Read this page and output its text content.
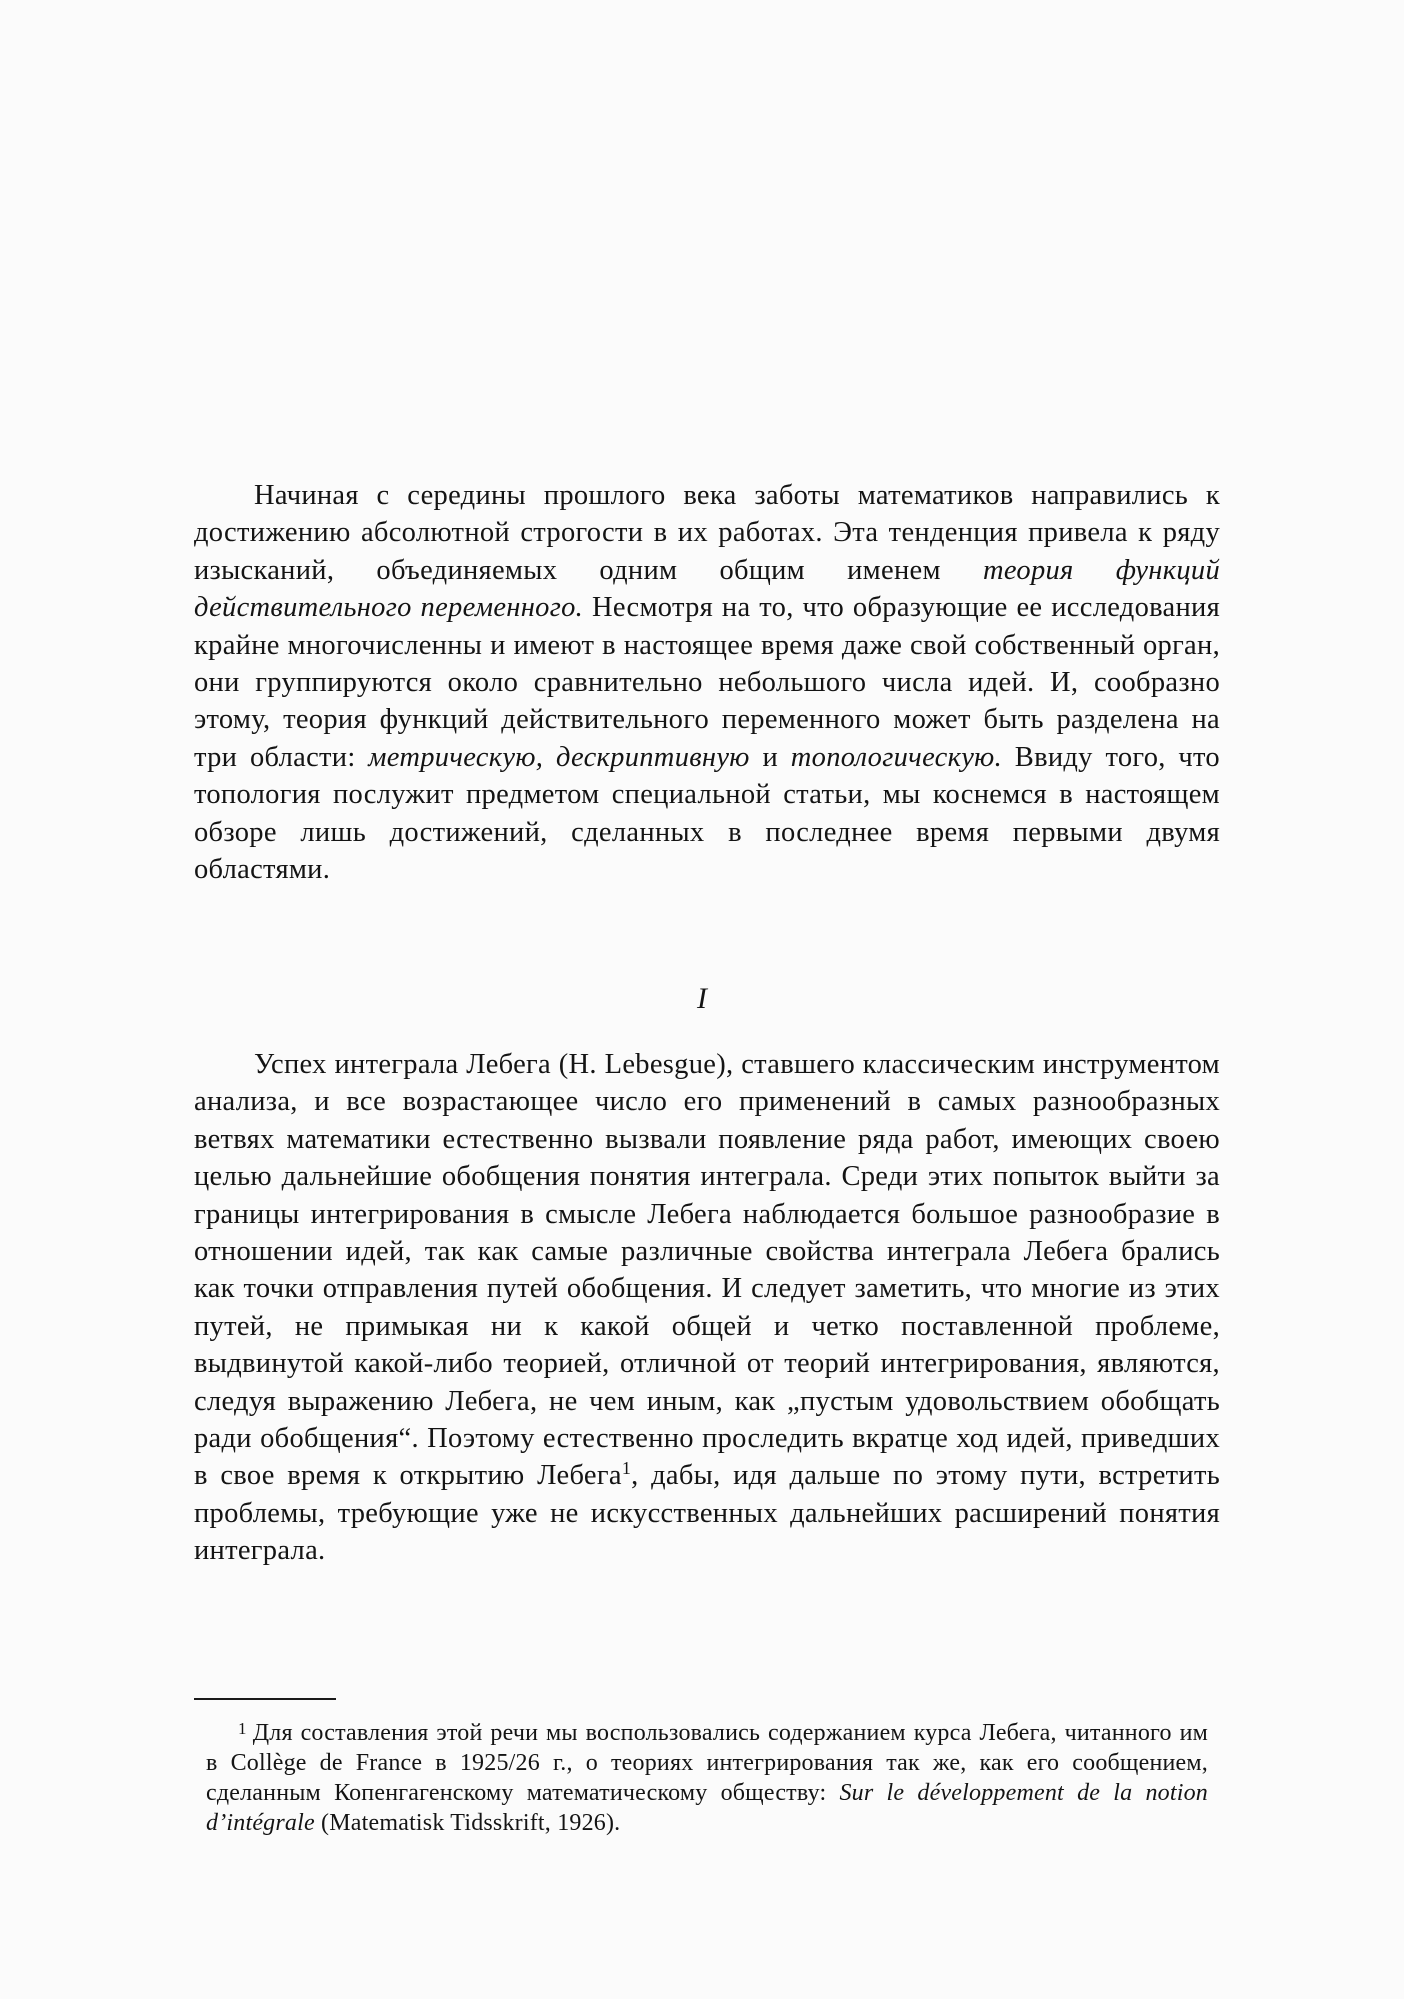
Начиная с середины прошлого века заботы математиков направились к достижению абсолютной строгости в их работах. Эта тенденция привела к ряду изысканий, объединяемых одним общим именем теория функций действительного переменного. Несмотря на то, что образующие ее исследования крайне многочисленны и имеют в настоящее время даже свой собственный орган, они группируются около сравнительно небольшого числа идей. И, сообразно этому, теория функций действительного переменного может быть разделена на три области: метрическую, дескриптивную и топологическую. Ввиду того, что топология послужит предметом специальной статьи, мы коснемся в настоящем обзоре лишь достижений, сделанных в последнее время первыми двумя областями.

I

Успех интеграла Лебега (H. Lebesgue), ставшего классическим инструментом анализа, и все возрастающее число его применений в самых разнообразных ветвях математики естественно вызвали появление ряда работ, имеющих своею целью дальнейшие обобщения понятия интеграла. Среди этих попыток выйти за границы интегрирования в смысле Лебега наблюдается большое разнообразие в отношении идей, так как самые различные свойства интеграла Лебега брались как точки отправления путей обобщения. И следует заметить, что многие из этих путей, не примыкая ни к какой общей и четко поставленной проблеме, выдвинутой какой-либо теорией, отличной от теорий интегрирования, являются, следуя выражению Лебега, не чем иным, как „пустым удовольствием обобщать ради обобщения“. Поэтому естественно проследить вкратце ход идей, приведших в свое время к открытию Лебега$^1$, дабы, идя дальше по этому пути, встретить проблемы, требующие уже не искусственных дальнейших расширений понятия интеграла.

$^1$ Для составления этой речи мы воспользовались содержанием курса Лебега, читанного им в Collège de France в 1925/26 г., о теориях интегрирования так же, как его сообщением, сделанным Копенгагенскому математическому обществу: Sur le développement de la notion d’intégrale (Matematisk Tidsskrift, 1926).
